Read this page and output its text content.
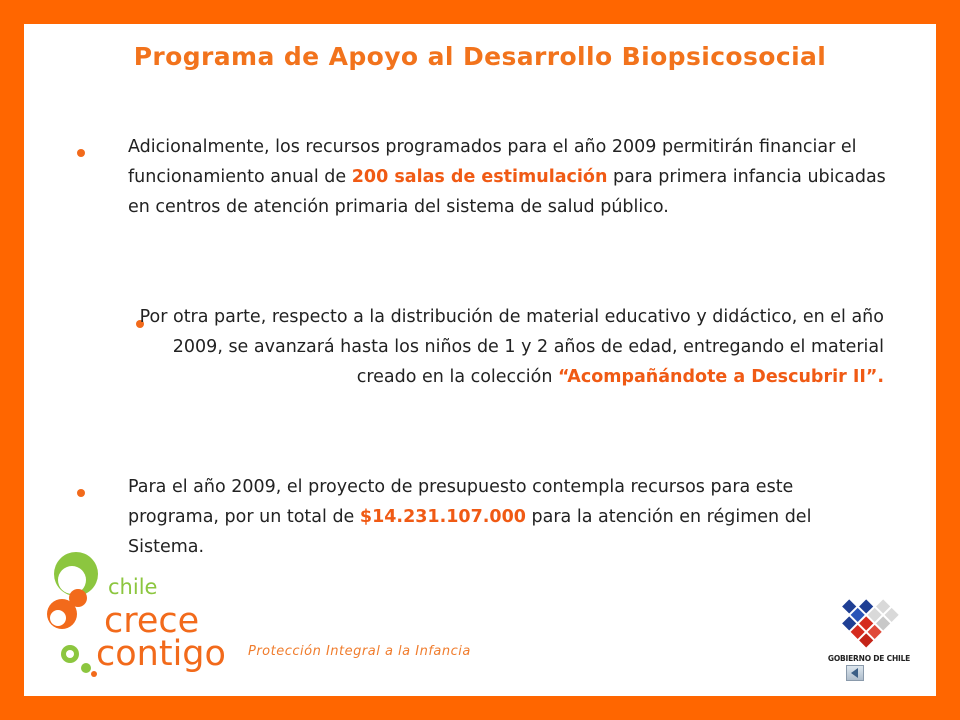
Programa de Apoyo al Desarrollo Biopsicosocial

Adicionalmente, los recursos programados para el año 2009 permitirán financiar el funcionamiento anual de 200 salas de estimulación para primera infancia ubicadas en centros de atención primaria del sistema de salud público.

Por otra parte, respecto a la distribución de material educativo y didáctico, en el año 2009, se avanzará hasta los niños de 1 y 2 años de edad, entregando el material creado en la colección “Acompañándote a Descubrir II”.

Para el año 2009, el proyecto de presupuesto contempla recursos para este programa, por un total de $14.231.107.000 para la atención en régimen del Sistema.

chile
crece
contigo Protección Integral a la Infancia	GOBIERNO DE CHILE
